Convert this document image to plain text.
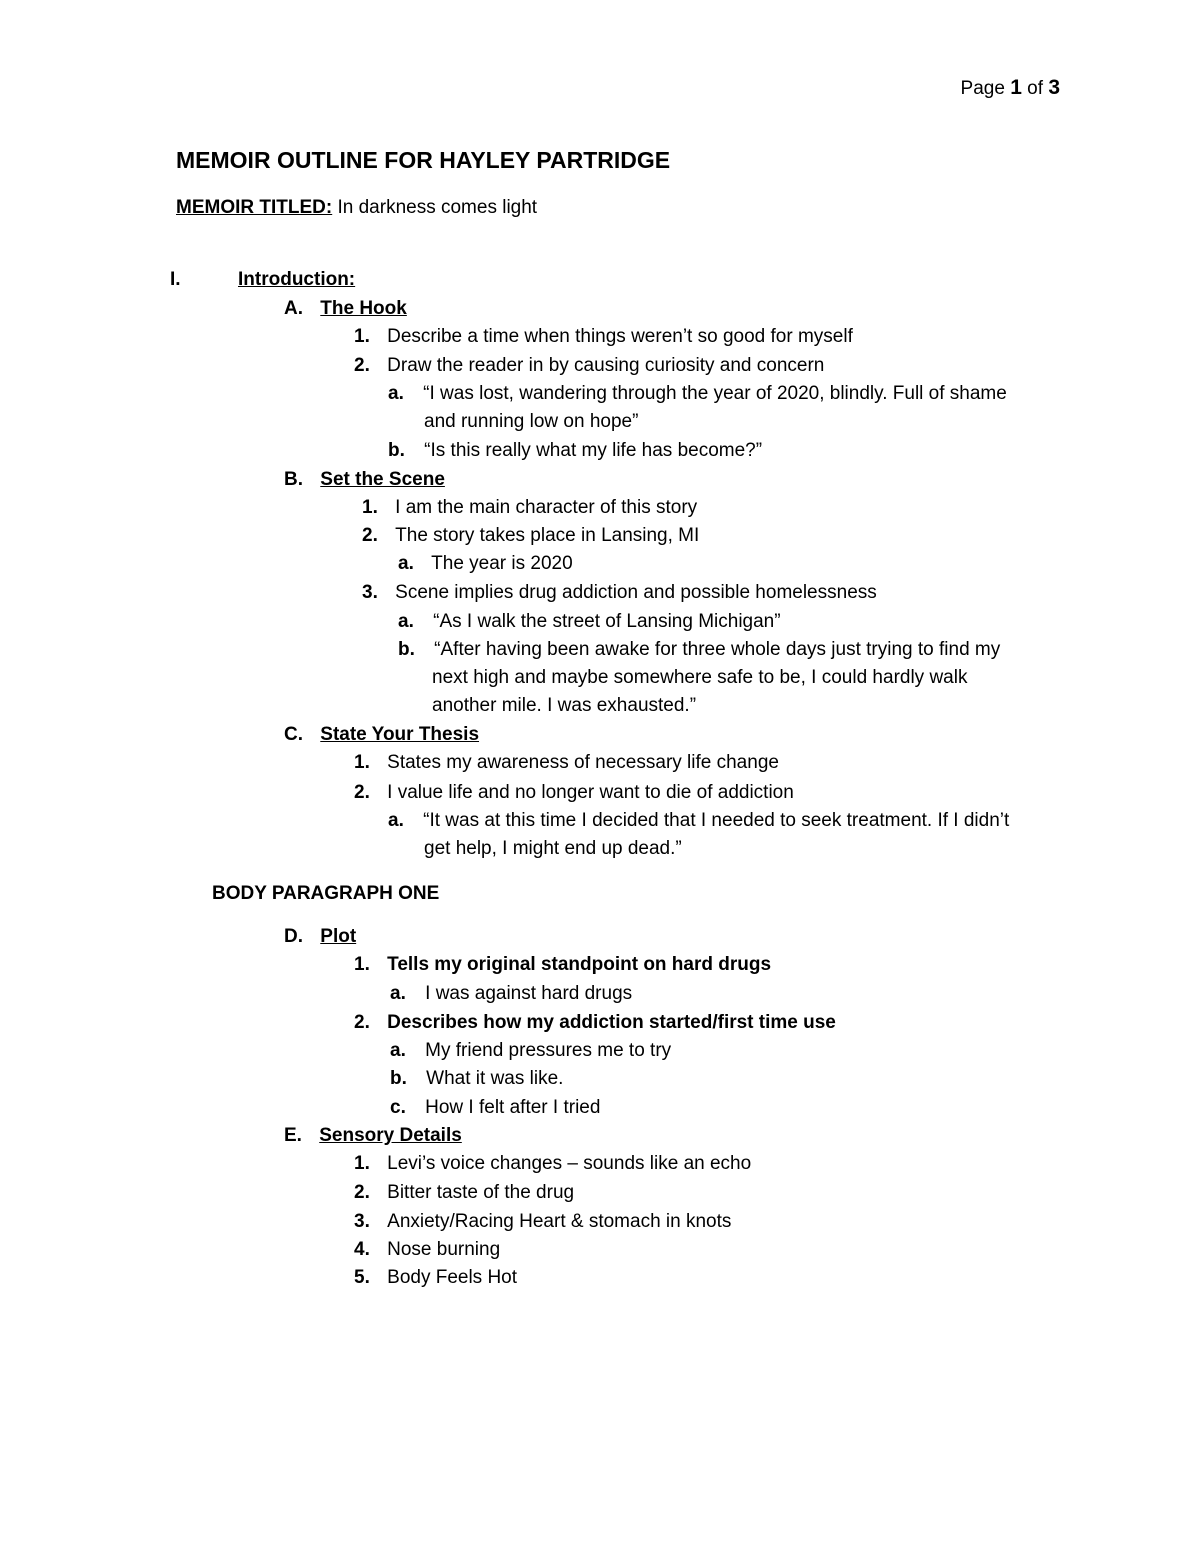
Page 1 of 3
MEMOIR OUTLINE FOR HAYLEY PARTRIDGE
MEMOIR TITLED: In darkness comes light
I.	Introduction:
A. The Hook
1. Describe a time when things weren’t so good for myself
2. Draw the reader in by causing curiosity and concern
a. “I was lost, wandering through the year of 2020, blindly. Full of shame
and running low on hope”
b. “Is this really what my life has become?”
B. Set the Scene
1. I am the main character of this story
2. The story takes place in Lansing, MI
a. The year is 2020
3. Scene implies drug addiction and possible homelessness
a. “As I walk the street of Lansing Michigan”
b. “After having been awake for three whole days just trying to find my
next high and maybe somewhere safe to be, I could hardly walk
another mile. I was exhausted.”
C. State Your Thesis
1. States my awareness of necessary life change
2. I value life and no longer want to die of addiction
a. “It was at this time I decided that I needed to seek treatment. If I didn’t
get help, I might end up dead.”
BODY PARAGRAPH ONE
D. Plot
1. Tells my original standpoint on hard drugs
a. I was against hard drugs
2. Describes how my addiction started/first time use
a. My friend pressures me to try
b. What it was like.
c. How I felt after I tried
E. Sensory Details
1. Levi’s voice changes – sounds like an echo
2. Bitter taste of the drug
3. Anxiety/Racing Heart & stomach in knots
4. Nose burning
5. Body Feels Hot
